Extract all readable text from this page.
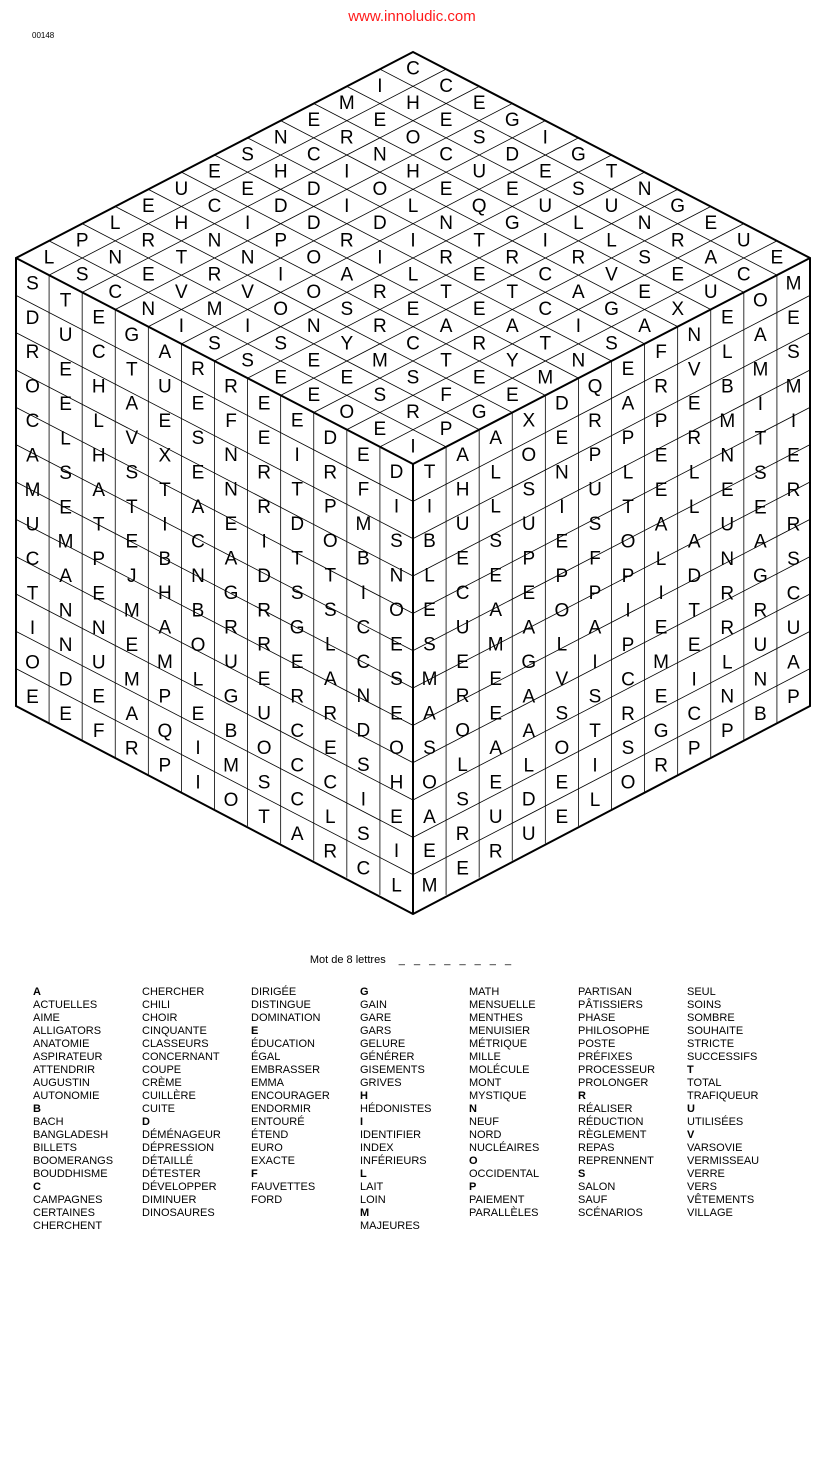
www.innoludic.com
00148
C
C
E
G
I
G
T
N
G
E
U
E
I
H
E
S
D
E
S
U
N
R
A
C
M
E
O
C
U
E
U
L
L
S
E
U
E
R
N
H
E
Q
G
I
R
V
E
X
N
C
I
O
L
N
T
R
C
A
G
A
S
H
D
I
D
I
R
E
T
C
I
S
E
E
D
D
R
I
L
T
E
A
T
N
U
C
I
P
O
A
R
E
A
R
Y
M
E
H
N
N
I
O
S
R
C
T
E
E
L
R
T
R
V
O
N
Y
M
S
F
G
P
N
E
V
M
I
S
E
E
S
R
P
L
S
C
N
I
S
S
E
E
O
E
I
S
D
R
O
C
A
M
U
C
T
I
O
E
T
U
E
E
L
S
E
M
A
N
N
D
E
E
C
H
L
H
A
T
P
E
N
U
E
F
G
T
A
V
S
T
E
J
M
E
M
A
R
A
U
E
X
T
I
B
H
A
M
P
Q
P
R
E
S
E
A
C
N
B
O
L
E
I
I
R
F
N
N
E
A
G
R
U
G
B
M
O
E
E
R
R
I
D
R
R
E
U
O
S
T
E
I
T
D
T
S
G
E
R
C
C
C
A
D
R
P
O
T
S
L
A
R
E
C
L
R
E
F
M
B
I
C
C
N
D
S
I
S
C
D
I
S
N
O
E
S
E
O
H
E
I
L
T
I
B
L
E
S
M
A
S
O
A
E
M
A
H
U
E
C
U
E
R
O
L
S
R
E
A
L
L
S
E
A
M
E
E
A
E
U
R
X
O
S
U
P
E
A
G
A
A
L
D
U
D
E
N
I
E
P
O
L
V
S
O
E
E
Q
R
P
U
S
F
P
A
I
S
T
I
L
E
A
P
L
T
O
P
I
P
C
R
S
O
F
R
P
E
E
A
L
I
E
M
E
G
R
N
V
E
R
L
L
A
D
T
E
I
C
P
E
L
B
M
N
E
U
N
R
R
L
N
P
O
A
M
I
T
S
E
A
G
R
U
N
B
M
E
S
M
I
E
R
R
S
C
U
A
P
Mot de 8 lettres _ _ _ _ _ _ _ _
A
ACTUELLES
AIME
ALLIGATORS
ANATOMIE
ASPIRATEUR
ATTENDRIR
AUGUSTIN
AUTONOMIE
B
BACH
BANGLADESH
BILLETS
BOOMERANGS
BOUDDHISME
C
CAMPAGNES
CERTAINES
CHERCHENT
CHERCHER
CHILI
CHOIR
CINQUANTE
CLASSEURS
CONCERNANT
COUPE
CRÈME
CUILLÈRE
CUITE
D
DÉMÉNAGEUR
DÉPRESSION
DÉTAILLÉ
DÉTESTER
DÉVELOPPER
DIMINUER
DINOSAURES
DIRIGÉE
DISTINGUE
DOMINATION
E
ÉDUCATION
ÉGAL
EMBRASSER
EMMA
ENCOURAGER
ENDORMIR
ENTOURÉ
ÉTEND
EURO
EXACTE
F
FAUVETTES
FORD
G
GAIN
GARE
GARS
GELURE
GÉNÉRER
GISEMENTS
GRIVES
H
HÉDONISTES
I
IDENTIFIER
INDEX
INFÉRIEURS
L
LAIT
LOIN
M
MAJEURES
MATH
MENSUELLE
MENTHES
MENUISIER
MÉTRIQUE
MILLE
MOLÉCULE
MONT
MYSTIQUE
N
NEUF
NORD
NUCLÉAIRES
O
OCCIDENTAL
P
PAIEMENT
PARALLÈLES
PARTISAN
PÂTISSIERS
PHASE
PHILOSOPHE
POSTE
PRÉFIXES
PROCESSEUR
PROLONGER
R
RÉALISER
RÉDUCTION
RÈGLEMENT
REPAS
REPRENNENT
S
SALON
SAUF
SCÉNARIOS
SEUL
SOINS
SOMBRE
SOUHAITE
STRICTE
SUCCESSIFS
T
TOTAL
TRAFIQUEUR
U
UTILISÉES
V
VARSOVIE
VERMISSEAU
VERRE
VERS
VÊTEMENTS
VILLAGE
